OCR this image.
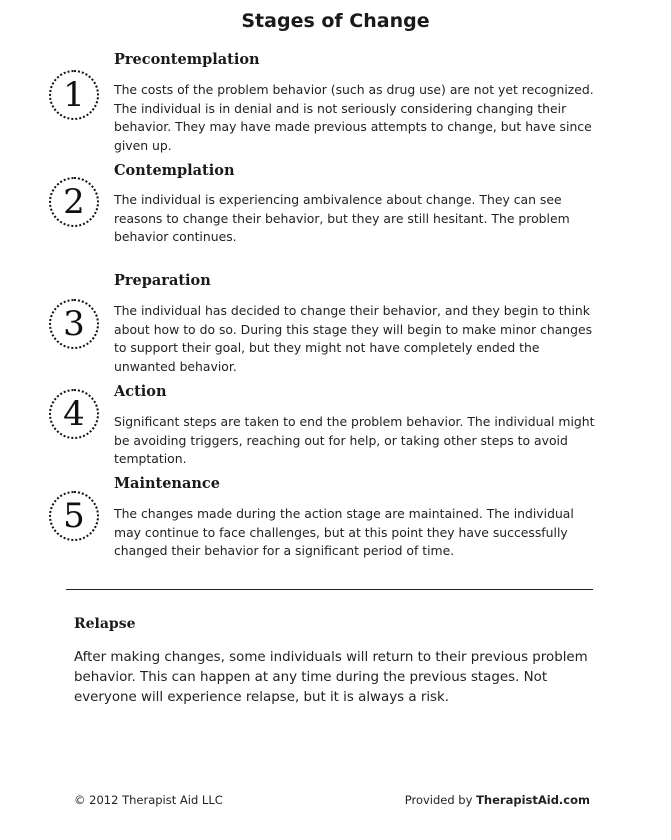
Stages of Change
1
Precontemplation

The costs of the problem behavior (such as drug use) are not yet recognized. The individual is in denial and is not seriously considering changing their behavior. They may have made previous attempts to change, but have since given up.

2
Contemplation

The individual is experiencing ambivalence about change. They can see reasons to change their behavior, but they are still hesitant. The problem behavior continues.

3
Preparation

The individual has decided to change their behavior, and they begin to think about how to do so. During this stage they will begin to make minor changes to support their goal, but they might not have completely ended the unwanted behavior.

4
Action

Significant steps are taken to end the problem behavior. The individual might be avoiding triggers, reaching out for help, or taking other steps to avoid temptation.

5
Maintenance

The changes made during the action stage are maintained. The individual may continue to face challenges, but at this point they have successfully changed their behavior for a significant period of time.

Relapse

After making changes, some individuals will return to their previous problem behavior. This can happen at any time during the previous stages. Not everyone will experience relapse, but it is always a risk.

© 2012 Therapist Aid LLC	Provided by TherapistAid.com
